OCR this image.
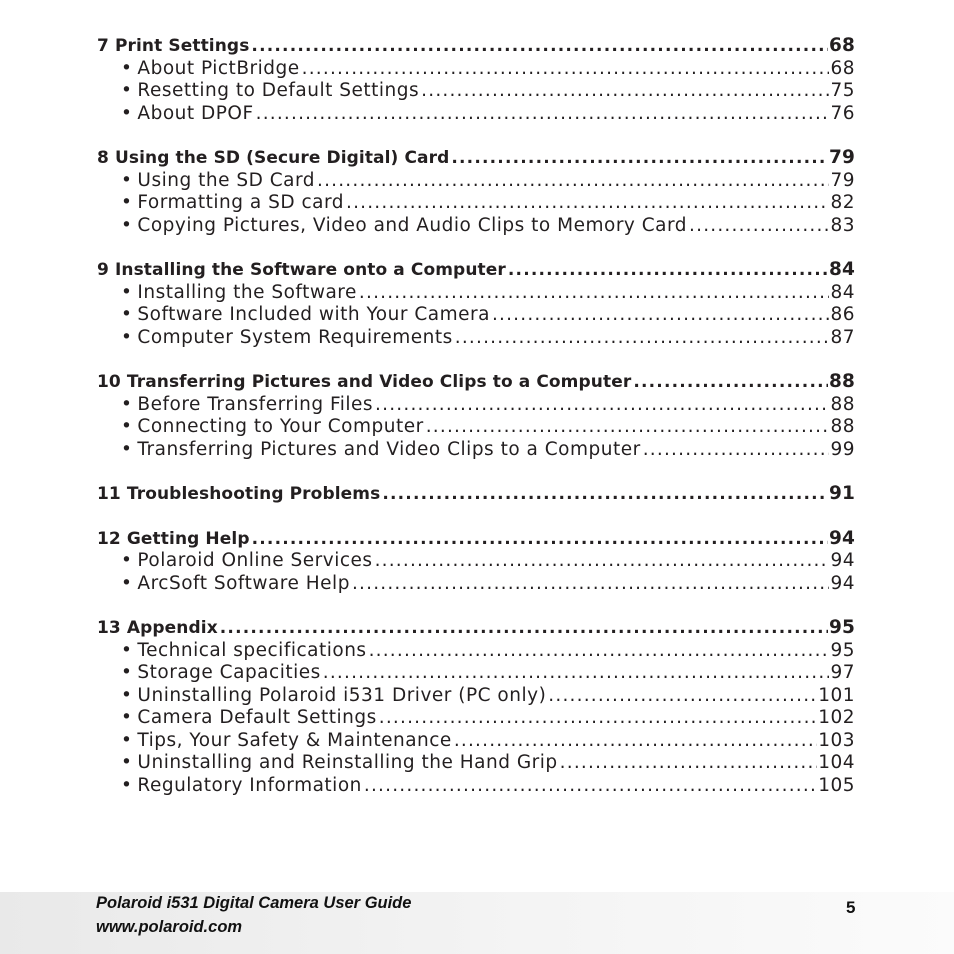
7 Print Settings .....	68
• About PictBridge .....	68
• Resetting to Default Settings .....	75
• About DPOF .....	76
8 Using the SD (Secure Digital) Card .....	79
• Using the SD Card .....	79
• Formatting a SD card .....	82
• Copying Pictures, Video and Audio Clips to Memory Card .....	83
9 Installing the Software onto a Computer .....	84
• Installing the Software .....	84
• Software Included with Your Camera .....	86
• Computer System Requirements .....	87
10 Transferring Pictures and Video Clips to a Computer .....	88
• Before Transferring Files .....	88
• Connecting to Your Computer .....	88
• Transferring Pictures and Video Clips to a Computer .....	99
11 Troubleshooting Problems .....	91
12 Getting Help .....	94
• Polaroid Online Services .....	94
• ArcSoft Software Help .....	94
13 Appendix .....	95
• Technical specifications .....	95
• Storage Capacities .....	97
• Uninstalling Polaroid i531 Driver (PC only) .....	101
• Camera Default Settings .....	102
• Tips, Your Safety & Maintenance .....	103
• Uninstalling and Reinstalling the Hand Grip .....	104
• Regulatory Information .....	105
Polaroid i531 Digital Camera User Guide
www.polaroid.com
5
